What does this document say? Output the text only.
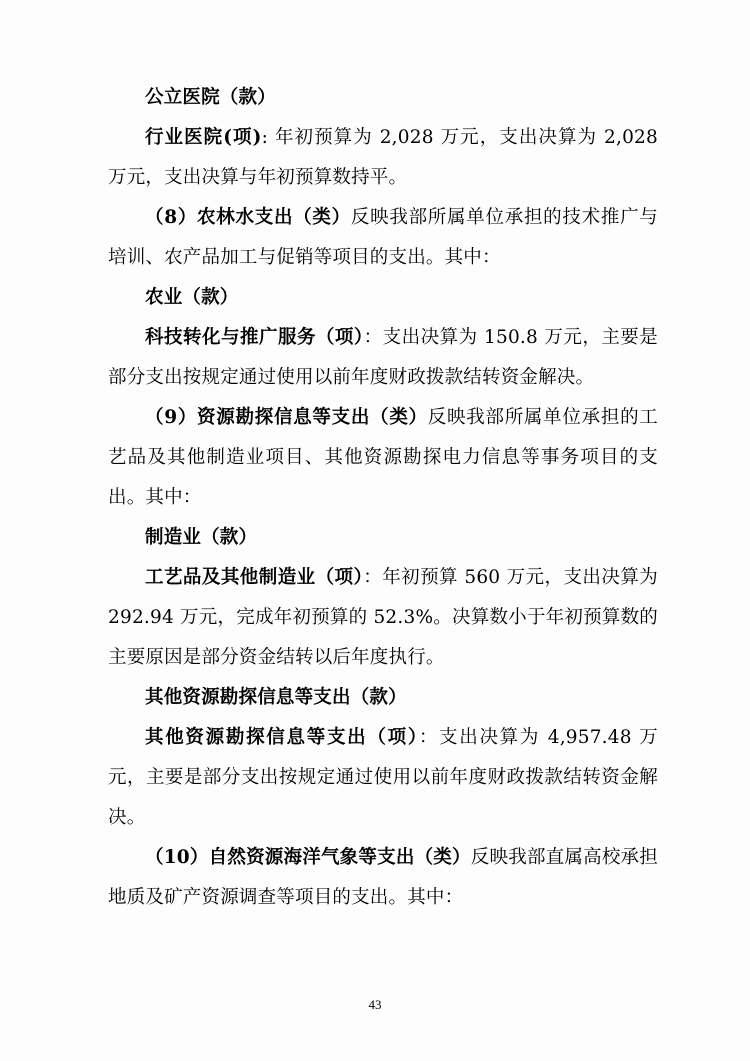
公立医院（款）

行业医院(项): 年初预算为 2,028 万元，支出决算为 2,028 万元，支出决算与年初预算数持平。

（8）农林水支出（类）反映我部所属单位承担的技术推广与培训、农产品加工与促销等项目的支出。其中：

农业（款）

科技转化与推广服务（项）：支出决算为 150.8 万元，主要是部分支出按规定通过使用以前年度财政拨款结转资金解决。

（9）资源勘探信息等支出（类）反映我部所属单位承担的工艺品及其他制造业项目、其他资源勘探电力信息等事务项目的支出。其中：

制造业（款）

工艺品及其他制造业（项）：年初预算 560 万元，支出决算为 292.94 万元，完成年初预算的 52.3%。决算数小于年初预算数的主要原因是部分资金结转以后年度执行。

其他资源勘探信息等支出（款）

其他资源勘探信息等支出（项）：支出决算为 4,957.48 万元，主要是部分支出按规定通过使用以前年度财政拨款结转资金解决。

（10）自然资源海洋气象等支出（类）反映我部直属高校承担地质及矿产资源调查等项目的支出。其中：

43
